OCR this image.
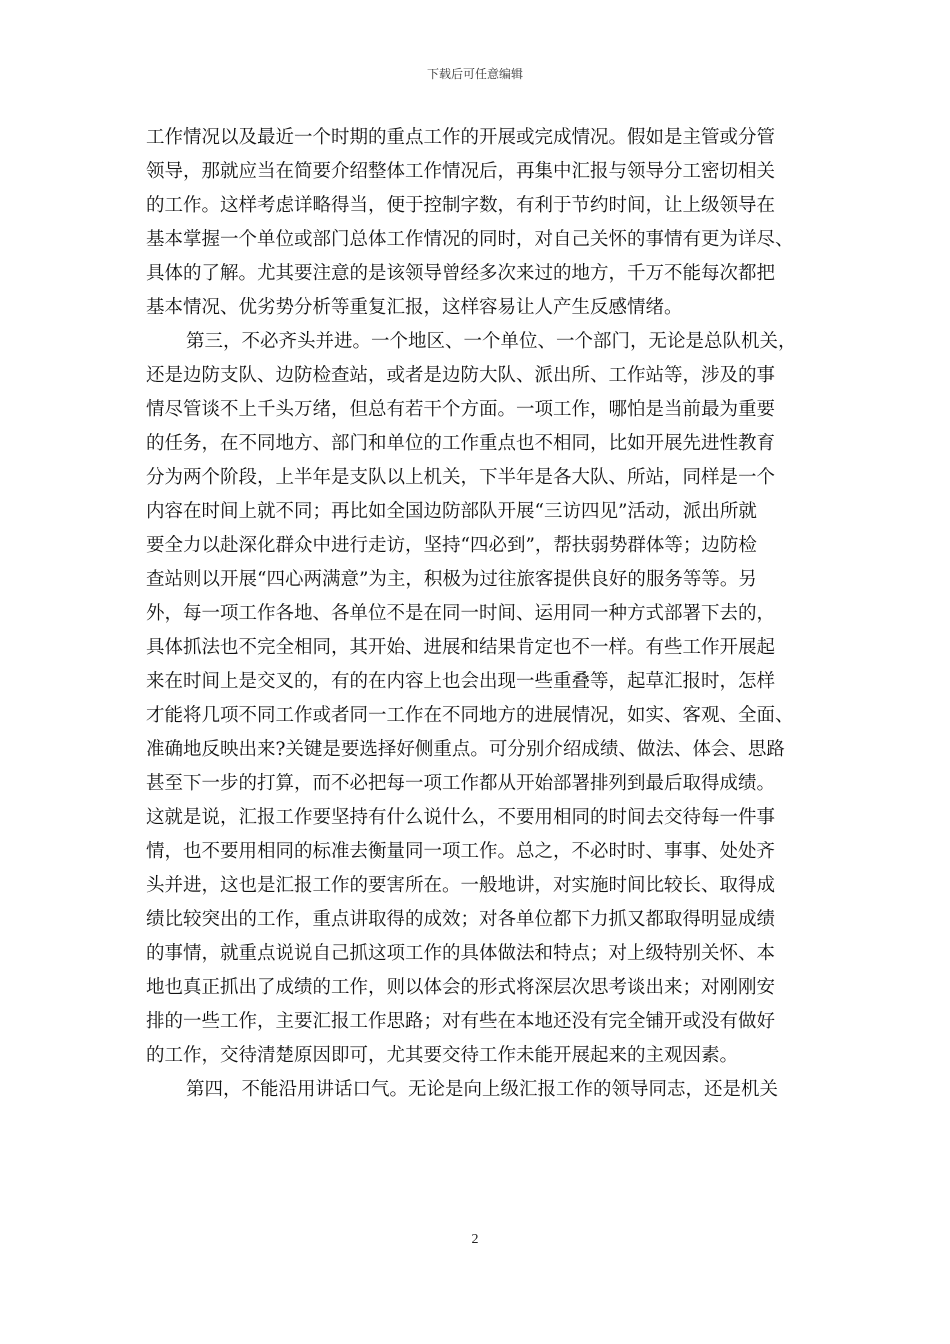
下载后可任意编辑
工作情况以及最近一个时期的重点工作的开展或完成情况。假如是主管或分管
领导，那就应当在简要介绍整体工作情况后，再集中汇报与领导分工密切相关
的工作。这样考虑详略得当，便于控制字数，有利于节约时间，让上级领导在
基本掌握一个单位或部门总体工作情况的同时，对自己关怀的事情有更为详尽、
具体的了解。尤其要注意的是该领导曾经多次来过的地方，千万不能每次都把
基本情况、优劣势分析等重复汇报，这样容易让人产生反感情绪。
第三，不必齐头并进。一个地区、一个单位、一个部门，无论是总队机关，
还是边防支队、边防检查站，或者是边防大队、派出所、工作站等，涉及的事
情尽管谈不上千头万绪，但总有若干个方面。一项工作，哪怕是当前最为重要
的任务，在不同地方、部门和单位的工作重点也不相同，比如开展先进性教育
分为两个阶段，上半年是支队以上机关，下半年是各大队、所站，同样是一个
内容在时间上就不同；再比如全国边防部队开展“三访四见”活动，派出所就
要全力以赴深化群众中进行走访，坚持“四必到”，帮扶弱势群体等；边防检
查站则以开展“四心两满意”为主，积极为过往旅客提供良好的服务等等。另
外，每一项工作各地、各单位不是在同一时间、运用同一种方式部署下去的，
具体抓法也不完全相同，其开始、进展和结果肯定也不一样。有些工作开展起
来在时间上是交叉的，有的在内容上也会出现一些重叠等，起草汇报时，怎样
才能将几项不同工作或者同一工作在不同地方的进展情况，如实、客观、全面、
准确地反映出来?关键是要选择好侧重点。可分别介绍成绩、做法、体会、思路
甚至下一步的打算，而不必把每一项工作都从开始部署排列到最后取得成绩。
这就是说，汇报工作要坚持有什么说什么，不要用相同的时间去交待每一件事
情，也不要用相同的标准去衡量同一项工作。总之，不必时时、事事、处处齐
头并进，这也是汇报工作的要害所在。一般地讲，对实施时间比较长、取得成
绩比较突出的工作，重点讲取得的成效；对各单位都下力抓又都取得明显成绩
的事情，就重点说说自己抓这项工作的具体做法和特点；对上级特别关怀、本
地也真正抓出了成绩的工作，则以体会的形式将深层次思考谈出来；对刚刚安
排的一些工作，主要汇报工作思路；对有些在本地还没有完全铺开或没有做好
的工作，交待清楚原因即可，尤其要交待工作未能开展起来的主观因素。
第四，不能沿用讲话口气。无论是向上级汇报工作的领导同志，还是机关
2
